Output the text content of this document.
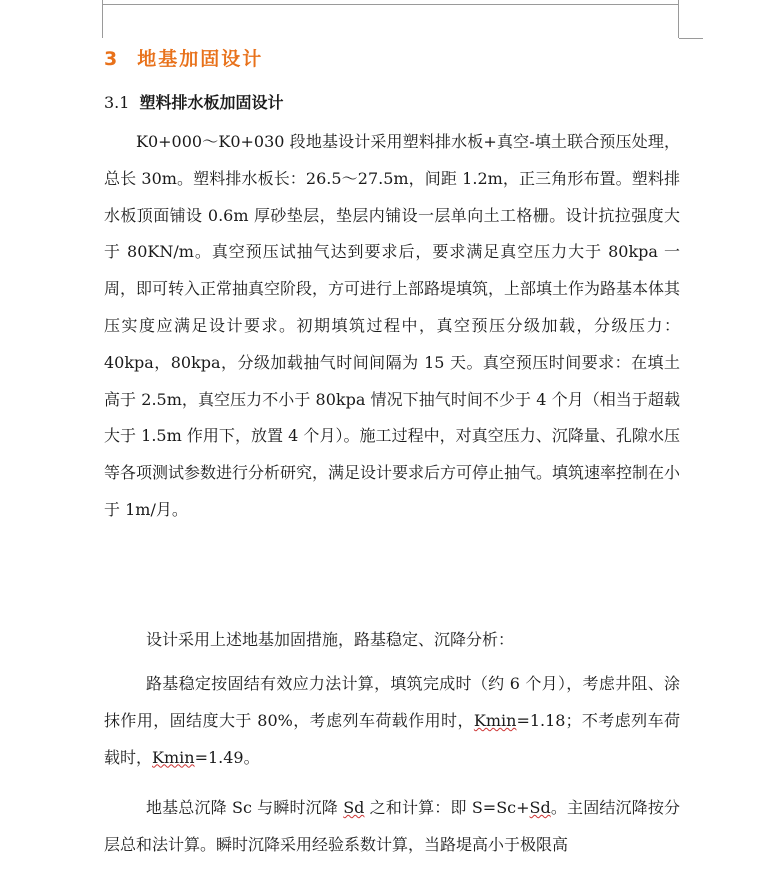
3 地基加固设计
3.1 塑料排水板加固设计

K0+000～K0+030 段地基设计采用塑料排水板+真空-填土联合预压处理，总长 30m。塑料排水板长：26.5～27.5m，间距 1.2m，正三角形布置。塑料排水板顶面铺设 0.6m 厚砂垫层，垫层内铺设一层单向土工格栅。设计抗拉强度大于 80KN/m。真空预压试抽气达到要求后，要求满足真空压力大于 80kpa 一周，即可转入正常抽真空阶段，方可进行上部路堤填筑，上部填土作为路基本体其压实度应满足设计要求。初期填筑过程中，真空预压分级加载，分级压力：40kpa，80kpa，分级加载抽气时间间隔为 15 天。真空预压时间要求：在填土高于 2.5m，真空压力不小于 80kpa 情况下抽气时间不少于 4 个月（相当于超载大于 1.5m 作用下，放置 4 个月）。施工过程中，对真空压力、沉降量、孔隙水压等各项测试参数进行分析研究，满足设计要求后方可停止抽气。填筑速率控制在小于 1m/月。

设计采用上述地基加固措施，路基稳定、沉降分析：

路基稳定按固结有效应力法计算，填筑完成时（约 6 个月），考虑井阻、涂抹作用，固结度大于 80%，考虑列车荷载作用时，Kmin=1.18；不考虑列车荷载时，Kmin=1.49。

地基总沉降 Sc 与瞬时沉降 Sd 之和计算：即 S=Sc+Sd。主固结沉降按分层总和法计算。瞬时沉降采用经验系数计算，当路堤高小于极限高
